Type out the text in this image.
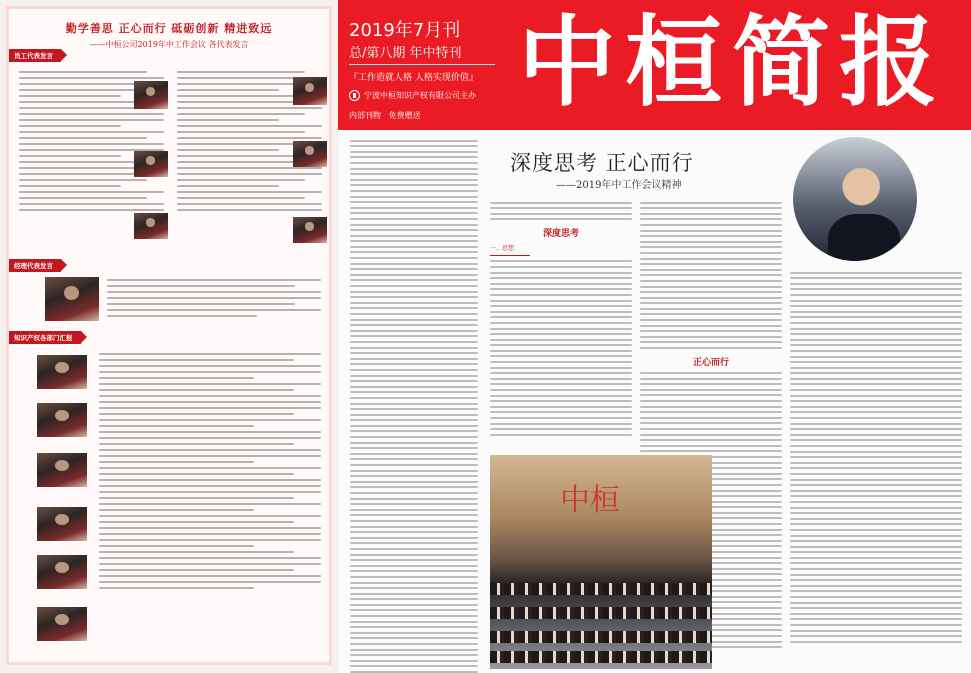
勤学善思 正心而行 砥砺创新 精进致远
——中桓公司2019年中工作会议 各代表发言
员工代表发言
经理代表发言
知识产权各部门汇报
2019年7月刊
总/第八期 年中特刊
『工作造就人格 人格实现价值』
宁波中桓知识产权有限公司主办
内部刊物 免费赠送 中桓简报
深度思考 正心而行
——2019年中工作会议精神
深度思考
一、思想
正心而行
中桓
